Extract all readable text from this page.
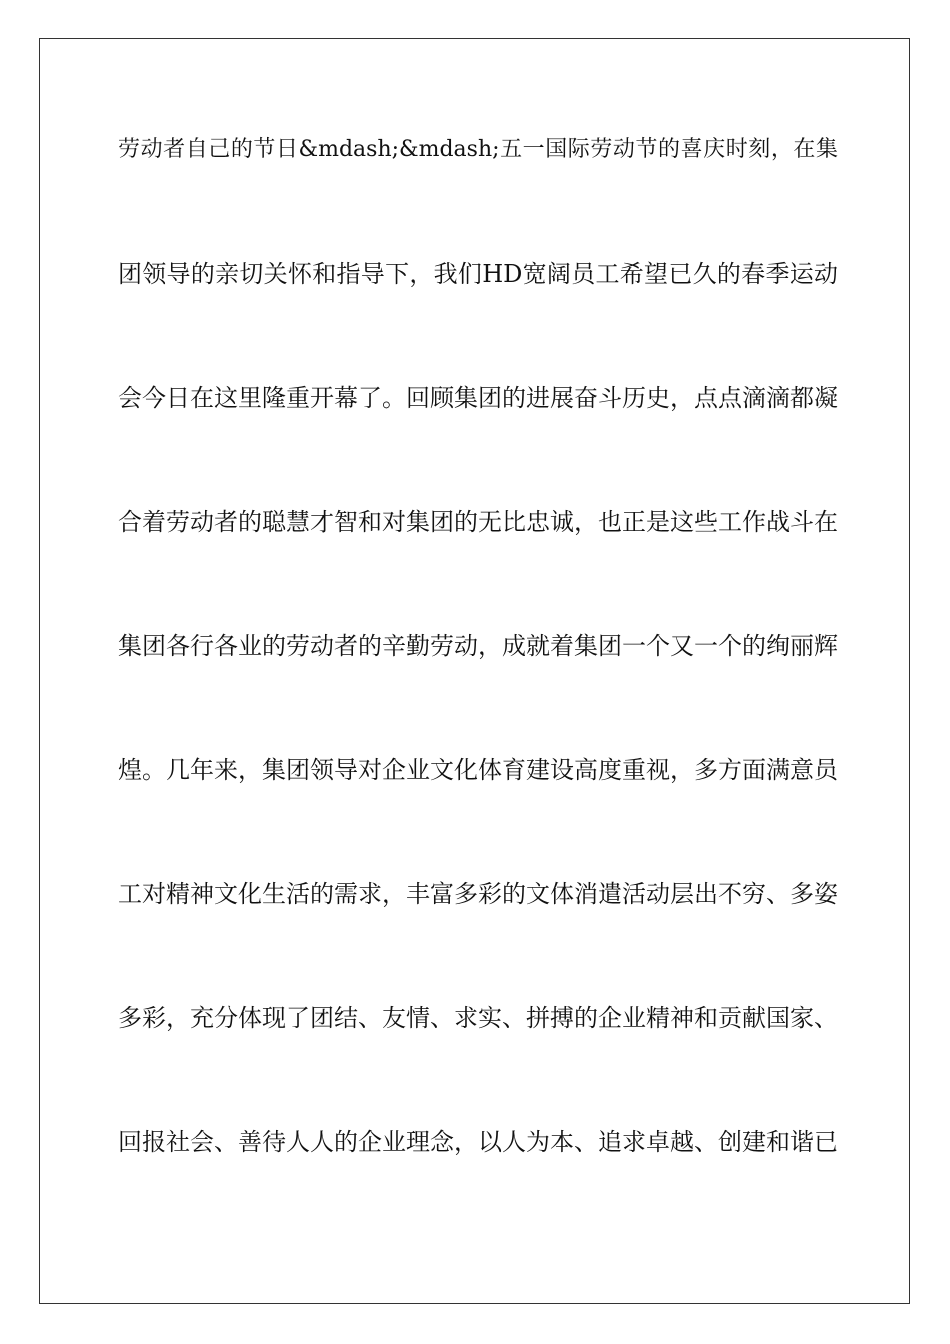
劳动者自己的节日&mdash;&mdash;五一国际劳动节的喜庆时刻，在集
团领导的亲切关怀和指导下，我们HD宽阔员工希望已久的春季运动
会今日在这里隆重开幕了。回顾集团的进展奋斗历史，点点滴滴都凝
合着劳动者的聪慧才智和对集团的无比忠诚，也正是这些工作战斗在
集团各行各业的劳动者的辛勤劳动，成就着集团一个又一个的绚丽辉
煌。几年来，集团领导对企业文化体育建设高度重视，多方面满意员
工对精神文化生活的需求，丰富多彩的文体消遣活动层出不穷、多姿
多彩，充分体现了团结、友情、求实、拼搏的企业精神和贡献国家、
回报社会、善待人人的企业理念，以人为本、追求卓越、创建和谐已
